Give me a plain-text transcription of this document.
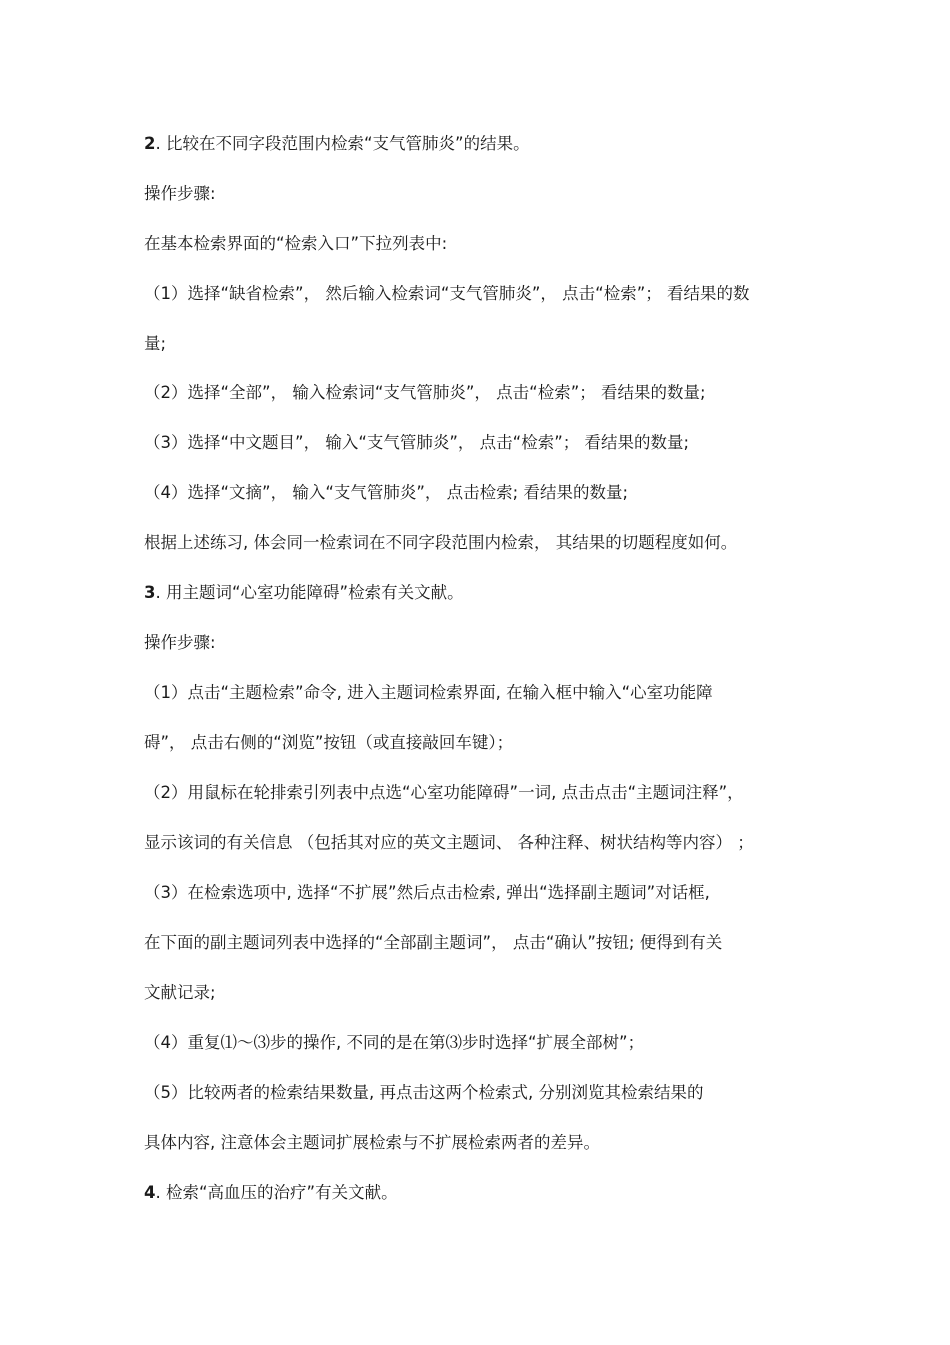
2. 比较在不同字段范围内检索“支气管肺炎”的结果。
操作步骤:
在基本检索界面的“检索入口”下拉列表中:
（1）选择“缺省检索”， 然后输入检索词“支气管肺炎”， 点击“检索”； 看结果的数
量;
（2）选择“全部”， 输入检索词“支气管肺炎”， 点击“检索”； 看结果的数量;
（3）选择“中文题目”， 输入“支气管肺炎”， 点击“检索”； 看结果的数量;
（4）选择“文摘”， 输入“支气管肺炎”， 点击检索; 看结果的数量;
根据上述练习, 体会同一检索词在不同字段范围内检索， 其结果的切题程度如何。
3. 用主题词“心室功能障碍”检索有关文献。
操作步骤:
（1）点击“主题检索”命令, 进入主题词检索界面, 在输入框中输入“心室功能障
碍”， 点击右侧的“浏览”按钮（或直接敲回车键）；
（2）用鼠标在轮排索引列表中点选“心室功能障碍”一词, 点击点击“主题词注释”，
显示该词的有关信息 （包括其对应的英文主题词、 各种注释、树状结构等内容） ；
（3）在检索选项中, 选择“不扩展”然后点击检索, 弹出“选择副主题词”对话框,
在下面的副主题词列表中选择的“全部副主题词”， 点击“确认”按钮; 便得到有关
文献记录;
（4）重复⑴～⑶步的操作, 不同的是在第⑶步时选择“扩展全部树”；
（5）比较两者的检索结果数量, 再点击这两个检索式, 分别浏览其检索结果的
具体内容, 注意体会主题词扩展检索与不扩展检索两者的差异。
4. 检索“高血压的治疗”有关文献。
